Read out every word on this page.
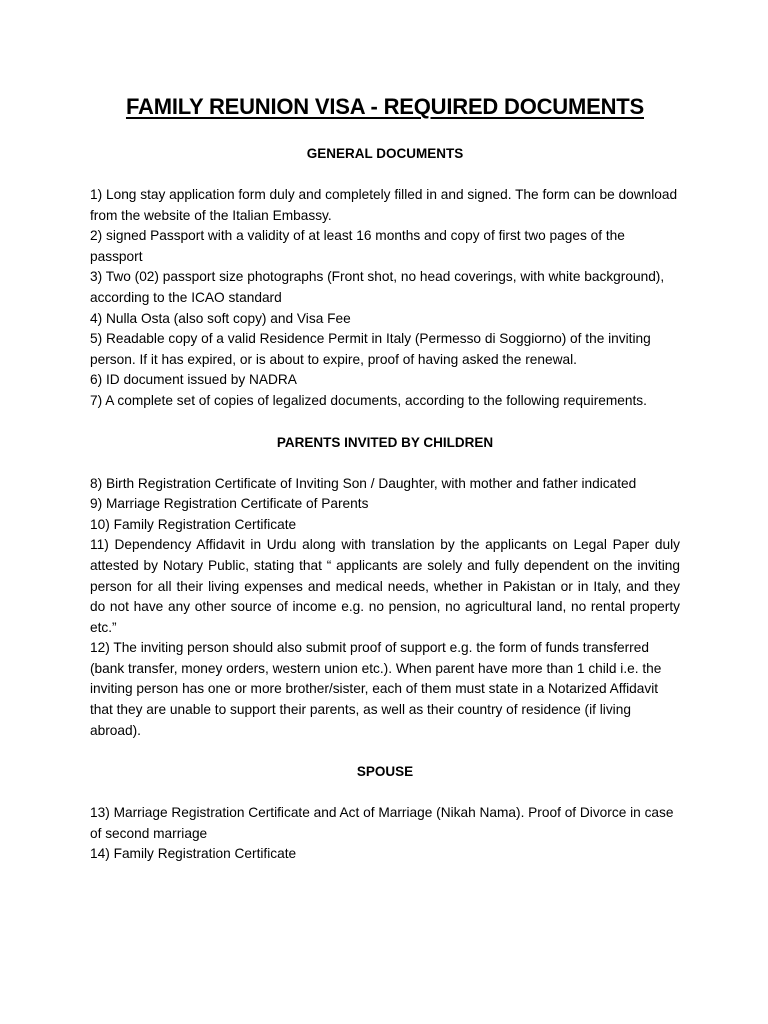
FAMILY REUNION VISA - REQUIRED DOCUMENTS
GENERAL DOCUMENTS
1) Long stay application form duly and completely filled in and signed. The form can be download from the website of the Italian Embassy.
2) signed Passport with a validity of at least 16 months and copy of first two pages of the passport
3) Two (02) passport size photographs (Front shot, no head coverings, with white background), according to the ICAO standard
4) Nulla Osta (also soft copy) and Visa Fee
5) Readable copy of a valid Residence Permit in Italy (Permesso di Soggiorno) of the inviting person. If it has expired, or is about to expire, proof of having asked the renewal.
6) ID document issued by NADRA
7) A complete set of copies of legalized documents, according to the following requirements.
PARENTS INVITED BY CHILDREN
8) Birth Registration Certificate of Inviting Son / Daughter, with mother and father indicated
9) Marriage Registration Certificate of Parents
10) Family Registration Certificate
11) Dependency Affidavit in Urdu along with translation by the applicants on Legal Paper duly attested by Notary Public, stating that “ applicants are solely and fully dependent on the inviting person for all their living expenses and medical needs, whether in Pakistan or in Italy, and they do not have any other source of income e.g. no pension, no agricultural land, no rental property etc.”
12) The inviting person should also submit proof of support e.g. the form of funds transferred (bank transfer, money orders, western union etc.). When parent have more than 1 child i.e. the inviting person has one or more brother/sister, each of them must state in a Notarized Affidavit that they are unable to support their parents, as well as their country of residence (if living abroad).
SPOUSE
13) Marriage Registration Certificate and Act of Marriage (Nikah Nama). Proof of Divorce in case of second marriage
14) Family Registration Certificate
